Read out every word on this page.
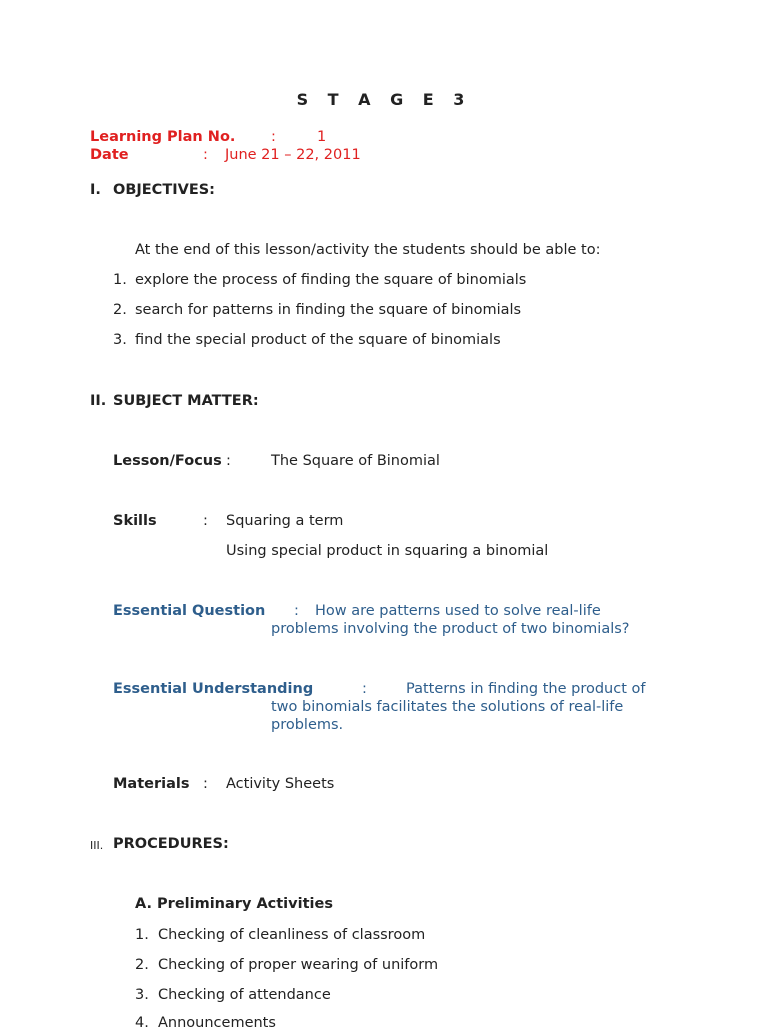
S T A G E 3
Learning Plan No. :	1
Date	: June 21 – 22, 2011
I. OBJECTIVES:
At the end of this lesson/activity the students should be able to:
1. explore the process of finding the square of binomials
2. search for patterns in finding the square of binomials
3. find the special product of the square of binomials
II. SUBJECT MATTER:
Lesson/Focus :	The Square of Binomial
Skills	: Squaring a term
Using special product in squaring a binomial
Essential Question : How are patterns used to solve real-life
problems involving the product of two binomials?
Essential Understanding	:	Patterns in finding the product of
two binomials facilitates the solutions of real-life
problems.
Materials : Activity Sheets
III. PROCEDURES:
A. Preliminary Activities
1. Checking of cleanliness of classroom
2. Checking of proper wearing of uniform
3. Checking of attendance
4. Announcements
